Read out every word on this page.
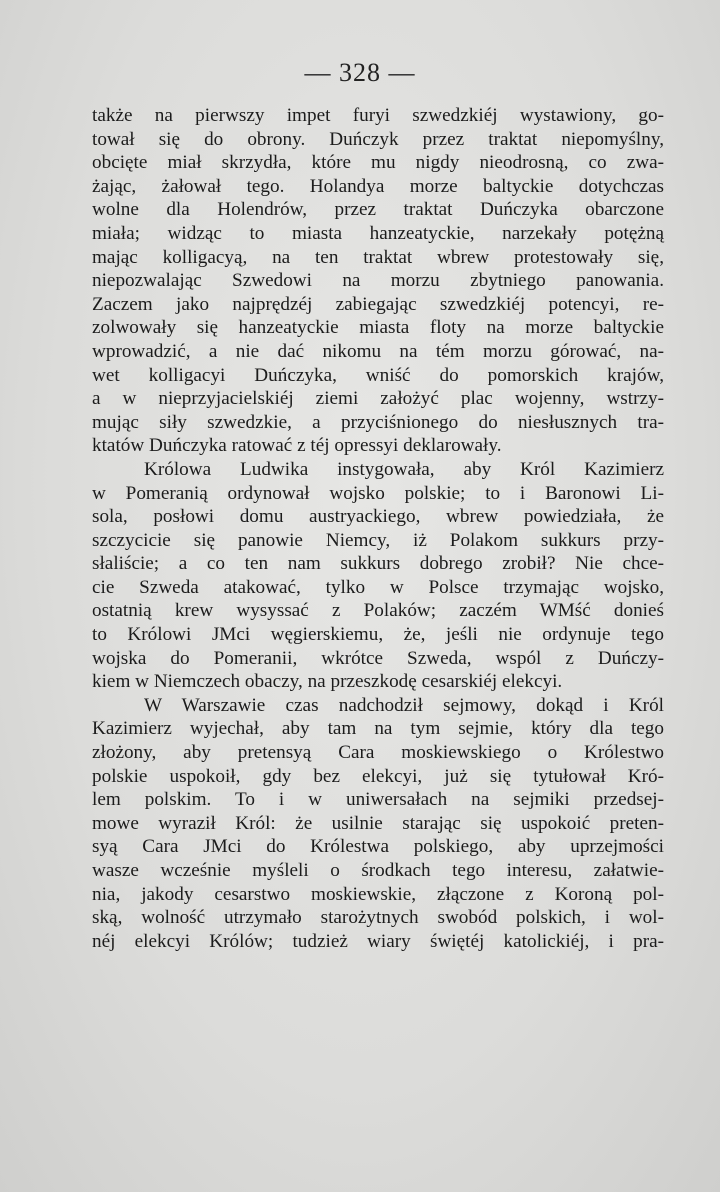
— 328 —

także na pierwszy impet furyi szwedzkiéj wystawiony, go-
tował się do obrony. Duńczyk przez traktat niepomyślny,
obcięte miał skrzydła, które mu nigdy nieodrosną, co zwa-
żając, żałował tego. Holandya morze baltyckie dotychczas
wolne dla Holendrów, przez traktat Duńczyka obarczone
miała; widząc to miasta hanzeatyckie, narzekały potężną
mając kolligacyą, na ten traktat wbrew protestowały się,
niepozwalając Szwedowi na morzu zbytniego panowania.
Zaczem jako najprędzéj zabiegając szwedzkiéj potencyi, re-
zolwowały się hanzeatyckie miasta floty na morze baltyckie
wprowadzić, a nie dać nikomu na tém morzu górować, na-
wet kolligacyi Duńczyka, wniść do pomorskich krajów,
a w nieprzyjacielskiéj ziemi założyć plac wojenny, wstrzy-
mując siły szwedzkie, a przyciśnionego do niesłusznych tra-
ktatów Duńczyka ratować z téj opressyi deklarowały.

Królowa Ludwika instygowała, aby Król Kazimierz
w Pomeranią ordynował wojsko polskie; to i Baronowi Li-
sola, posłowi domu austryackiego, wbrew powiedziała, że
szczycicie się panowie Niemcy, iż Polakom sukkurs przy-
słaliście; a co ten nam sukkurs dobrego zrobił? Nie chce-
cie Szweda atakować, tylko w Polsce trzymając wojsko,
ostatnią krew wysyssać z Polaków; zaczém WMść donieś
to Królowi JMci węgierskiemu, że, jeśli nie ordynuje tego
wojska do Pomeranii, wkrótce Szweda, wspól z Duńczy-
kiem w Niemczech obaczy, na przeszkodę cesarskiéj elekcyi.

W Warszawie czas nadchodził sejmowy, dokąd i Król
Kazimierz wyjechał, aby tam na tym sejmie, który dla tego
złożony, aby pretensyą Cara moskiewskiego o Królestwo
polskie uspokoił, gdy bez elekcyi, już się tytułował Kró-
lem polskim. To i w uniwersałach na sejmiki przedsej-
mowe wyraził Król: że usilnie starając się uspokoić preten-
syą Cara JMci do Królestwa polskiego, aby uprzejmości
wasze wcześnie myśleli o środkach tego interesu, załatwie-
nia, jakody cesarstwo moskiewskie, złączone z Koroną pol-
ską, wolność utrzymało starożytnych swobód polskich, i wol-
néj elekcyi Królów; tudzież wiary świętéj katolickiéj, i pra-
